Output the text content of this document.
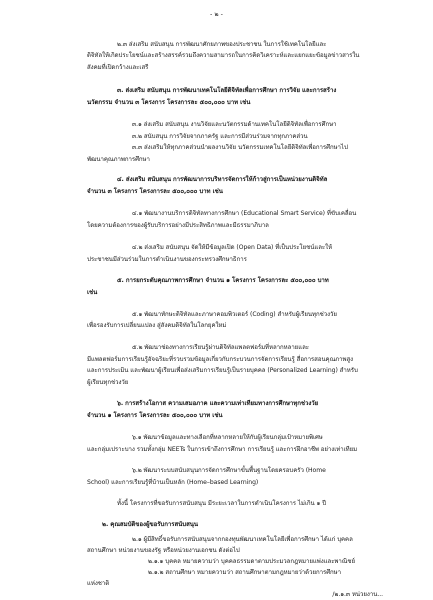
- ๒ -
๒.๓ ส่งเสริม สนับสนุน การพัฒนาศักยภาพของประชาชน ในการใช้เทคโนโลยีและ
ดิจิทัลให้เกิดประโยชน์และสร้างสรรค์รวมถึงความสามารถในการคิดวิเคราะห์และแยกแยะข้อมูลข่าวสารใน
สังคมที่เปิดกว้างและเสรี
๓. ส่งเสริม สนับสนุน การพัฒนาเทคโนโลยีดิจิทัลเพื่อการศึกษา การวิจัย และการสร้าง
นวัตกรรม จำนวน ๓ โครงการ โครงการละ ๕๐๐,๐๐๐ บาท เช่น
๓.๑ ส่งเสริม สนับสนุน งานวิจัยและนวัตกรรมด้านเทคโนโลยีดิจิทัลเพื่อการศึกษา
๓.๒ สนับสนุน การวิจัยจากภาครัฐ และการมีส่วนร่วมจากทุกภาคส่วน
๓.๓ ส่งเสริมให้ทุกภาคส่วนนำผลงานวิจัย นวัตกรรมเทคโนโลยีดิจิทัลเพื่อการศึกษาไป
พัฒนาคุณภาพการศึกษา
๔. ส่งเสริม สนับสนุน การพัฒนาการบริหารจัดการให้ก้าวสู่การเป็นหน่วยงานดิจิทัล
จำนวน ๓ โครงการ โครงการละ ๕๐๐,๐๐๐ บาท เช่น
๔.๑ พัฒนางานบริการดิจิทัลทางการศึกษา (Educational Smart Service) ที่ขับเคลื่อน
โดยความต้องการของผู้รับบริการอย่างมีประสิทธิภาพและมีธรรมาภิบาล
๔.๒ ส่งเสริม สนับสนุน จัดให้มีข้อมูลเปิด (Open Data) ที่เป็นประโยชน์และให้
ประชาชนมีส่วนร่วมในการดำเนินงานของกระทรวงศึกษาธิการ
๕. การยกระดับคุณภาพการศึกษา จำนวน ๑ โครงการ โครงการละ ๕๐๐,๐๐๐ บาท
เช่น
๕.๑ พัฒนาทักษะดิจิทัลและภาษาคอมพิวเตอร์ (Coding) สำหรับผู้เรียนทุกช่วงวัย
เพื่อรองรับการเปลี่ยนแปลง สู่สังคมดิจิทัลในโลกยุคใหม่
๕.๒ พัฒนาช่องทางการเรียนรู้ผ่านดิจิทัลแพลตฟอร์มที่หลากหลายและ
มีแพลตฟอร์มการเรียนรู้อัจฉริยะที่รวบรวมข้อมูลเกี่ยวกับกระบวนการจัดการเรียนรู้ สื่อการสอนคุณภาพสูง
และการประเมิน และพัฒนาผู้เรียนเพื่อส่งเสริมการเรียนรู้เป็นรายบุคคล (Personalized Learning) สำหรับ
ผู้เรียนทุกช่วงวัย
๖. การสร้างโอกาส ความเสมอภาค และความเท่าเทียมทางการศึกษาทุกช่วงวัย
จำนวน ๑ โครงการ โครงการละ ๕๐๐,๐๐๐ บาท เช่น
๖.๑ พัฒนาข้อมูลและทางเลือกที่หลากหลายให้กับผู้เรียนกลุ่มเป้าหมายพิเศษ
และกลุ่มเปราะบาง รวมทั้งกลุ่ม NEETs ในการเข้าถึงการศึกษา การเรียนรู้ และการฝึกอาชีพ อย่างเท่าเทียม
๖.๒ พัฒนาระบบสนับสนุนการจัดการศึกษาขั้นพื้นฐานโดยครอบครัว (Home
School) และการเรียนรู้ที่บ้านเป็นหลัก (Home–based Learning)
ทั้งนี้ โครงการที่ขอรับการสนับสนุน มีระยะเวลาในการดำเนินโครงการ ไม่เกิน ๑ ปี
๒. คุณสมบัติของผู้ขอรับการสนับสนุน
๒.๑ ผู้มีสิทธิ์ขอรับการสนับสนุนจากกองทุนพัฒนาเทคโนโลยีเพื่อการศึกษา ได้แก่ บุคคล
สถานศึกษา หน่วยงานของรัฐ หรือหน่วยงานเอกชน ดังต่อไป
๒.๑.๑ บุคคล หมายความว่า บุคคลธรรมดาตามประมวลกฎหมายแพ่งและพาณิชย์
๒.๑.๒ สถานศึกษา หมายความว่า สถานศึกษาตามกฎหมายว่าด้วยการศึกษา
แห่งชาติ
/๒.๑.๓ หน่วยงาน...
